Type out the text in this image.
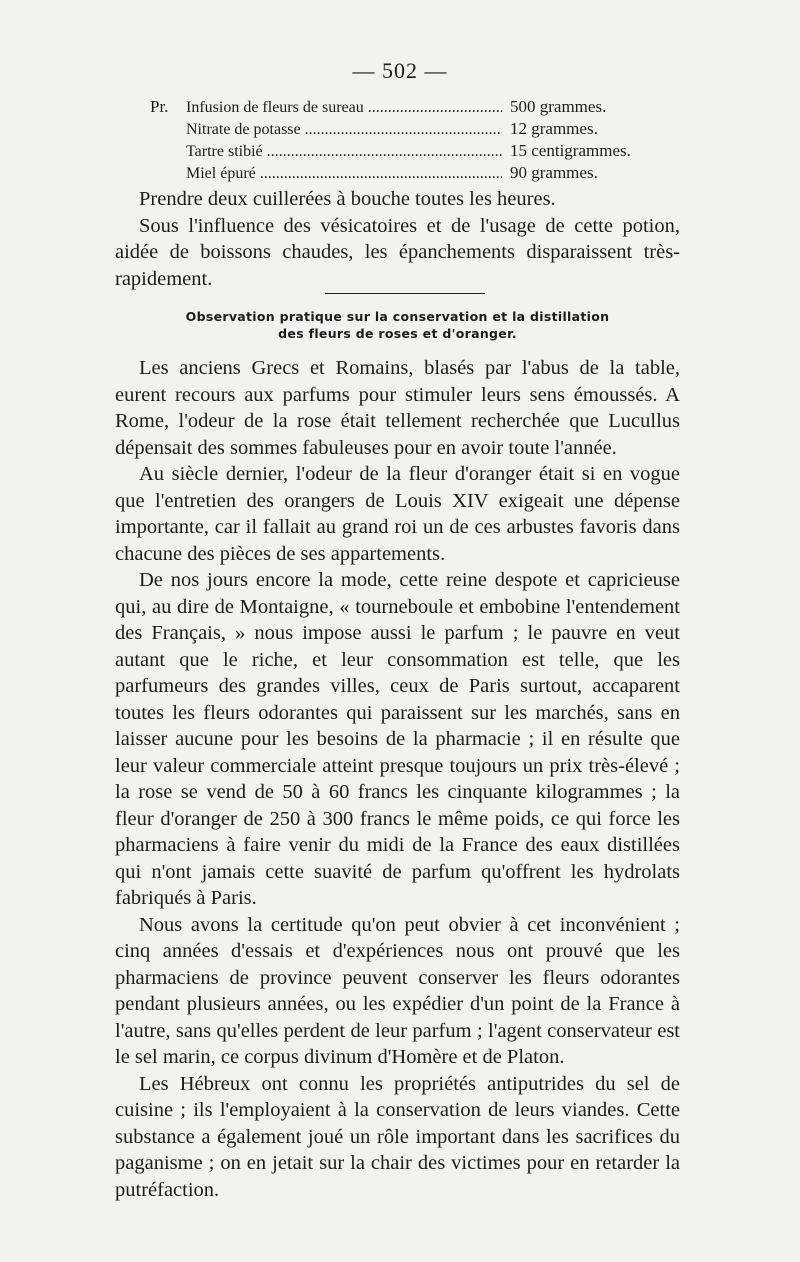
— 502 —
Pr.	Infusion de fleurs de sureau .....	500 grammes.
Nitrate de potasse .....	12 grammes.
Tartre stibié .....	15 centigrammes.
Miel épuré .....	90 grammes.

Prendre deux cuillerées à bouche toutes les heures.

Sous l'influence des vésicatoires et de l'usage de cette potion, aidée de boissons chaudes, les épanchements disparaissent très-rapidement.

Observation pratique sur la conservation et la distillation
des fleurs de roses et d'oranger.

Les anciens Grecs et Romains, blasés par l'abus de la table, eurent recours aux parfums pour stimuler leurs sens émoussés. A Rome, l'odeur de la rose était tellement recherchée que Lucullus dépensait des sommes fabuleuses pour en avoir toute l'année.

Au siècle dernier, l'odeur de la fleur d'oranger était si en vogue que l'entretien des orangers de Louis XIV exigeait une dépense importante, car il fallait au grand roi un de ces arbustes favoris dans chacune des pièces de ses appartements.

De nos jours encore la mode, cette reine despote et capricieuse qui, au dire de Montaigne, « tourneboule et embobine l'entendement des Français, » nous impose aussi le parfum ; le pauvre en veut autant que le riche, et leur consommation est telle, que les parfumeurs des grandes villes, ceux de Paris surtout, accaparent toutes les fleurs odorantes qui paraissent sur les marchés, sans en laisser aucune pour les besoins de la pharmacie ; il en résulte que leur valeur commerciale atteint presque toujours un prix très-élevé ; la rose se vend de 50 à 60 francs les cinquante kilogrammes ; la fleur d'oranger de 250 à 300 francs le même poids, ce qui force les pharmaciens à faire venir du midi de la France des eaux distillées qui n'ont jamais cette suavité de parfum qu'offrent les hydrolats fabriqués à Paris.

Nous avons la certitude qu'on peut obvier à cet inconvénient ; cinq années d'essais et d'expériences nous ont prouvé que les pharmaciens de province peuvent conserver les fleurs odorantes pendant plusieurs années, ou les expédier d'un point de la France à l'autre, sans qu'elles perdent de leur parfum ; l'agent conservateur est le sel marin, ce corpus divinum d'Homère et de Platon.

Les Hébreux ont connu les propriétés antiputrides du sel de cuisine ; ils l'employaient à la conservation de leurs viandes. Cette substance a également joué un rôle important dans les sacrifices du paganisme ; on en jetait sur la chair des victimes pour en retarder la putréfaction.
